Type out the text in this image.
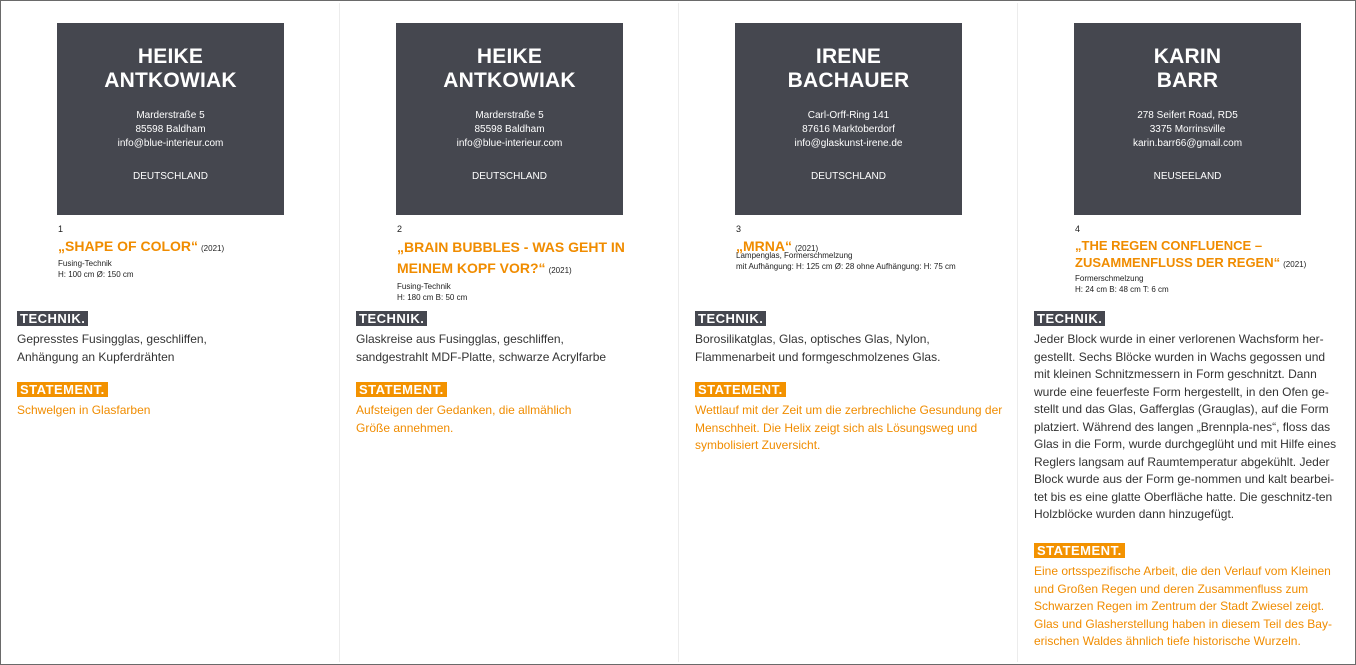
HEIKE
ANTKOWIAK
Marderstraße 5
85598 Baldham
info@blue-interieur.com
DEUTSCHLAND
1
„SHAPE OF COLOR“ (2021)
Fusing-Technik
H: 100 cm Ø: 150 cm
TECHNIK.
Gepresstes Fusingglas, geschliffen, Anhängung an Kupferdrähten
STATEMENT.
Schwelgen in Glasfarben
HEIKE
ANTKOWIAK
Marderstraße 5
85598 Baldham
info@blue-interieur.com
DEUTSCHLAND
2
„BRAIN BUBBLES - WAS GEHT IN MEINEM KOPF VOR?“ (2021)
Fusing-Technik
H: 180 cm B: 50 cm
TECHNIK.
Glaskreise aus Fusingglas, geschliffen, sandgestrahlt MDF-Platte, schwarze Acrylfarbe
STATEMENT.
Aufsteigen der Gedanken, die allmählich Größe annehmen.
IRENE
BACHAUER
Carl-Orff-Ring 141
87616 Marktoberdorf
info@glaskunst-irene.de
DEUTSCHLAND
3
„MRNA“ (2021)
Lampenglas, Formerschmelzung
mit Aufhängung: H: 125 cm Ø: 28 ohne Aufhängung: H: 75 cm
TECHNIK.
Borosilikatglas, Glas, optisches Glas, Nylon, Flammenarbeit und formgeschmolzenes Glas.
STATEMENT.
Wettlauf mit der Zeit um die zerbrechliche Gesundung der Menschheit. Die Helix zeigt sich als Lösungsweg und symbolisiert Zuversicht.
KARIN
BARR
278 Seifert Road, RD5
3375 Morrinsville
karin.barr66@gmail.com
NEUSEELAND
4
„THE REGEN CONFLUENCE – ZUSAMMENFLUSS DER REGEN“ (2021)
Formerschmelzung
H: 24 cm B: 48 cm T: 6 cm
TECHNIK.
Jeder Block wurde in einer verlorenen Wachsform her-gestellt. Sechs Blöcke wurden in Wachs gegossen und mit kleinen Schnitzmessern in Form geschnitzt. Dann wurde eine feuerfeste Form hergestellt, in den Ofen ge-stellt und das Glas, Gafferglas (Grauglas), auf die Form platziert. Während des langen „Brennpla-nes“, floss das Glas in die Form, wurde durchgeglüht und mit Hilfe eines Reglers langsam auf Raumtemperatur abgekühlt. Jeder Block wurde aus der Form ge-nommen und kalt bearbei-tet bis es eine glatte Oberfläche hatte. Die geschnitz-ten Holzblöcke wurden dann hinzugefügt.
STATEMENT.
Eine ortsspezifische Arbeit, die den Verlauf vom Kleinen und Großen Regen und deren Zusammenfluss zum Schwarzen Regen im Zentrum der Stadt Zwiesel zeigt. Glas und Glasherstellung haben in diesem Teil des Bay-erischen Waldes ähnlich tiefe historische Wurzeln.
